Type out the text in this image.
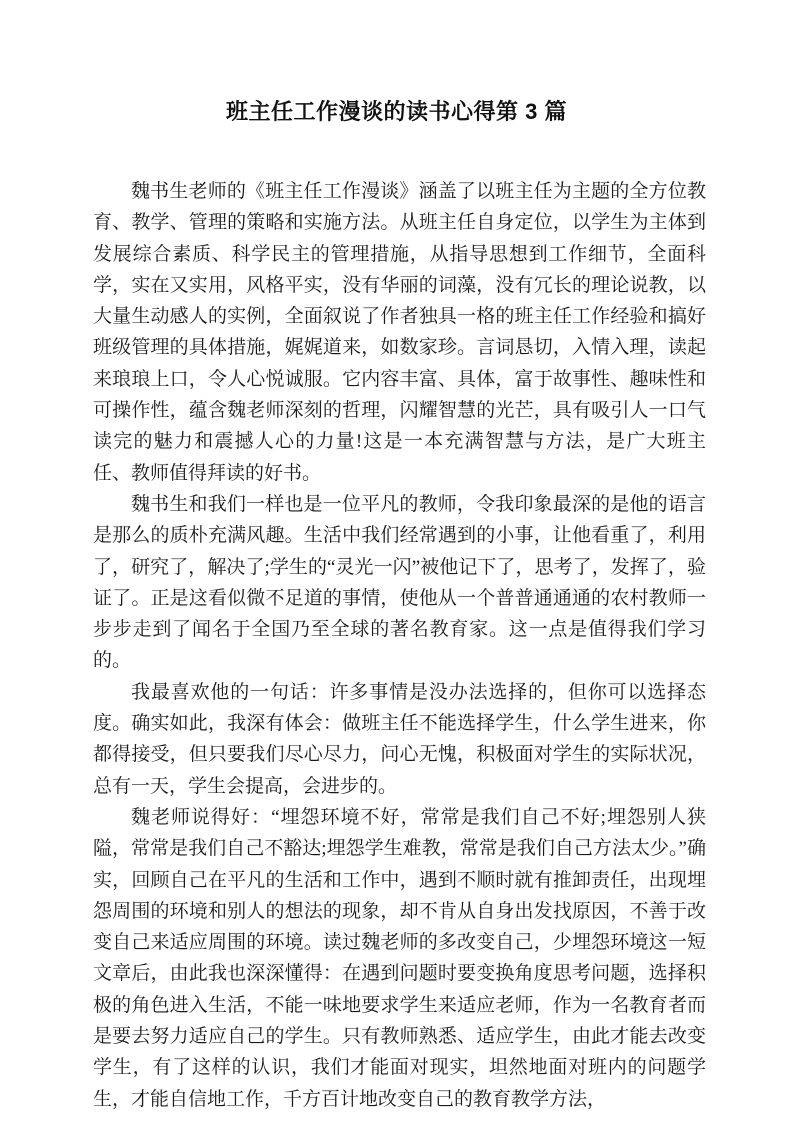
班主任工作漫谈的读书心得第 3 篇

魏书生老师的《班主任工作漫谈》涵盖了以班主任为主题的全方位教育、教学、管理的策略和实施方法。从班主任自身定位，以学生为主体到发展综合素质、科学民主的管理措施，从指导思想到工作细节，全面科学，实在又实用，风格平实，没有华丽的词藻，没有冗长的理论说教，以大量生动感人的实例，全面叙说了作者独具一格的班主任工作经验和搞好班级管理的具体措施，娓娓道来，如数家珍。言词恳切，入情入理，读起来琅琅上口，令人心悦诚服。它内容丰富、具体，富于故事性、趣味性和可操作性，蕴含魏老师深刻的哲理，闪耀智慧的光芒，具有吸引人一口气读完的魅力和震撼人心的力量!这是一本充满智慧与方法，是广大班主任、教师值得拜读的好书。

魏书生和我们一样也是一位平凡的教师，令我印象最深的是他的语言是那么的质朴充满风趣。生活中我们经常遇到的小事，让他看重了，利用了，研究了，解决了;学生的“灵光一闪”被他记下了，思考了，发挥了，验证了。正是这看似微不足道的事情，使他从一个普普通通通的农村教师一步步走到了闻名于全国乃至全球的著名教育家。这一点是值得我们学习的。

我最喜欢他的一句话：许多事情是没办法选择的，但你可以选择态度。确实如此，我深有体会：做班主任不能选择学生，什么学生进来，你都得接受，但只要我们尽心尽力，问心无愧，积极面对学生的实际状况，总有一天，学生会提高，会进步的。

魏老师说得好：“埋怨环境不好，常常是我们自己不好;埋怨别人狭隘，常常是我们自己不豁达;埋怨学生难教，常常是我们自己方法太少。”确实，回顾自己在平凡的生活和工作中，遇到不顺时就有推卸责任，出现埋怨周围的环境和别人的想法的现象，却不肯从自身出发找原因，不善于改变自己来适应周围的环境。读过魏老师的多改变自己，少埋怨环境这一短文章后，由此我也深深懂得：在遇到问题时要变换角度思考问题，选择积极的角色进入生活，不能一味地要求学生来适应老师，作为一名教育者而是要去努力适应自己的学生。只有教师熟悉、适应学生，由此才能去改变学生，有了这样的认识，我们才能面对现实，坦然地面对班内的问题学生，才能自信地工作，千方百计地改变自己的教育教学方法，
